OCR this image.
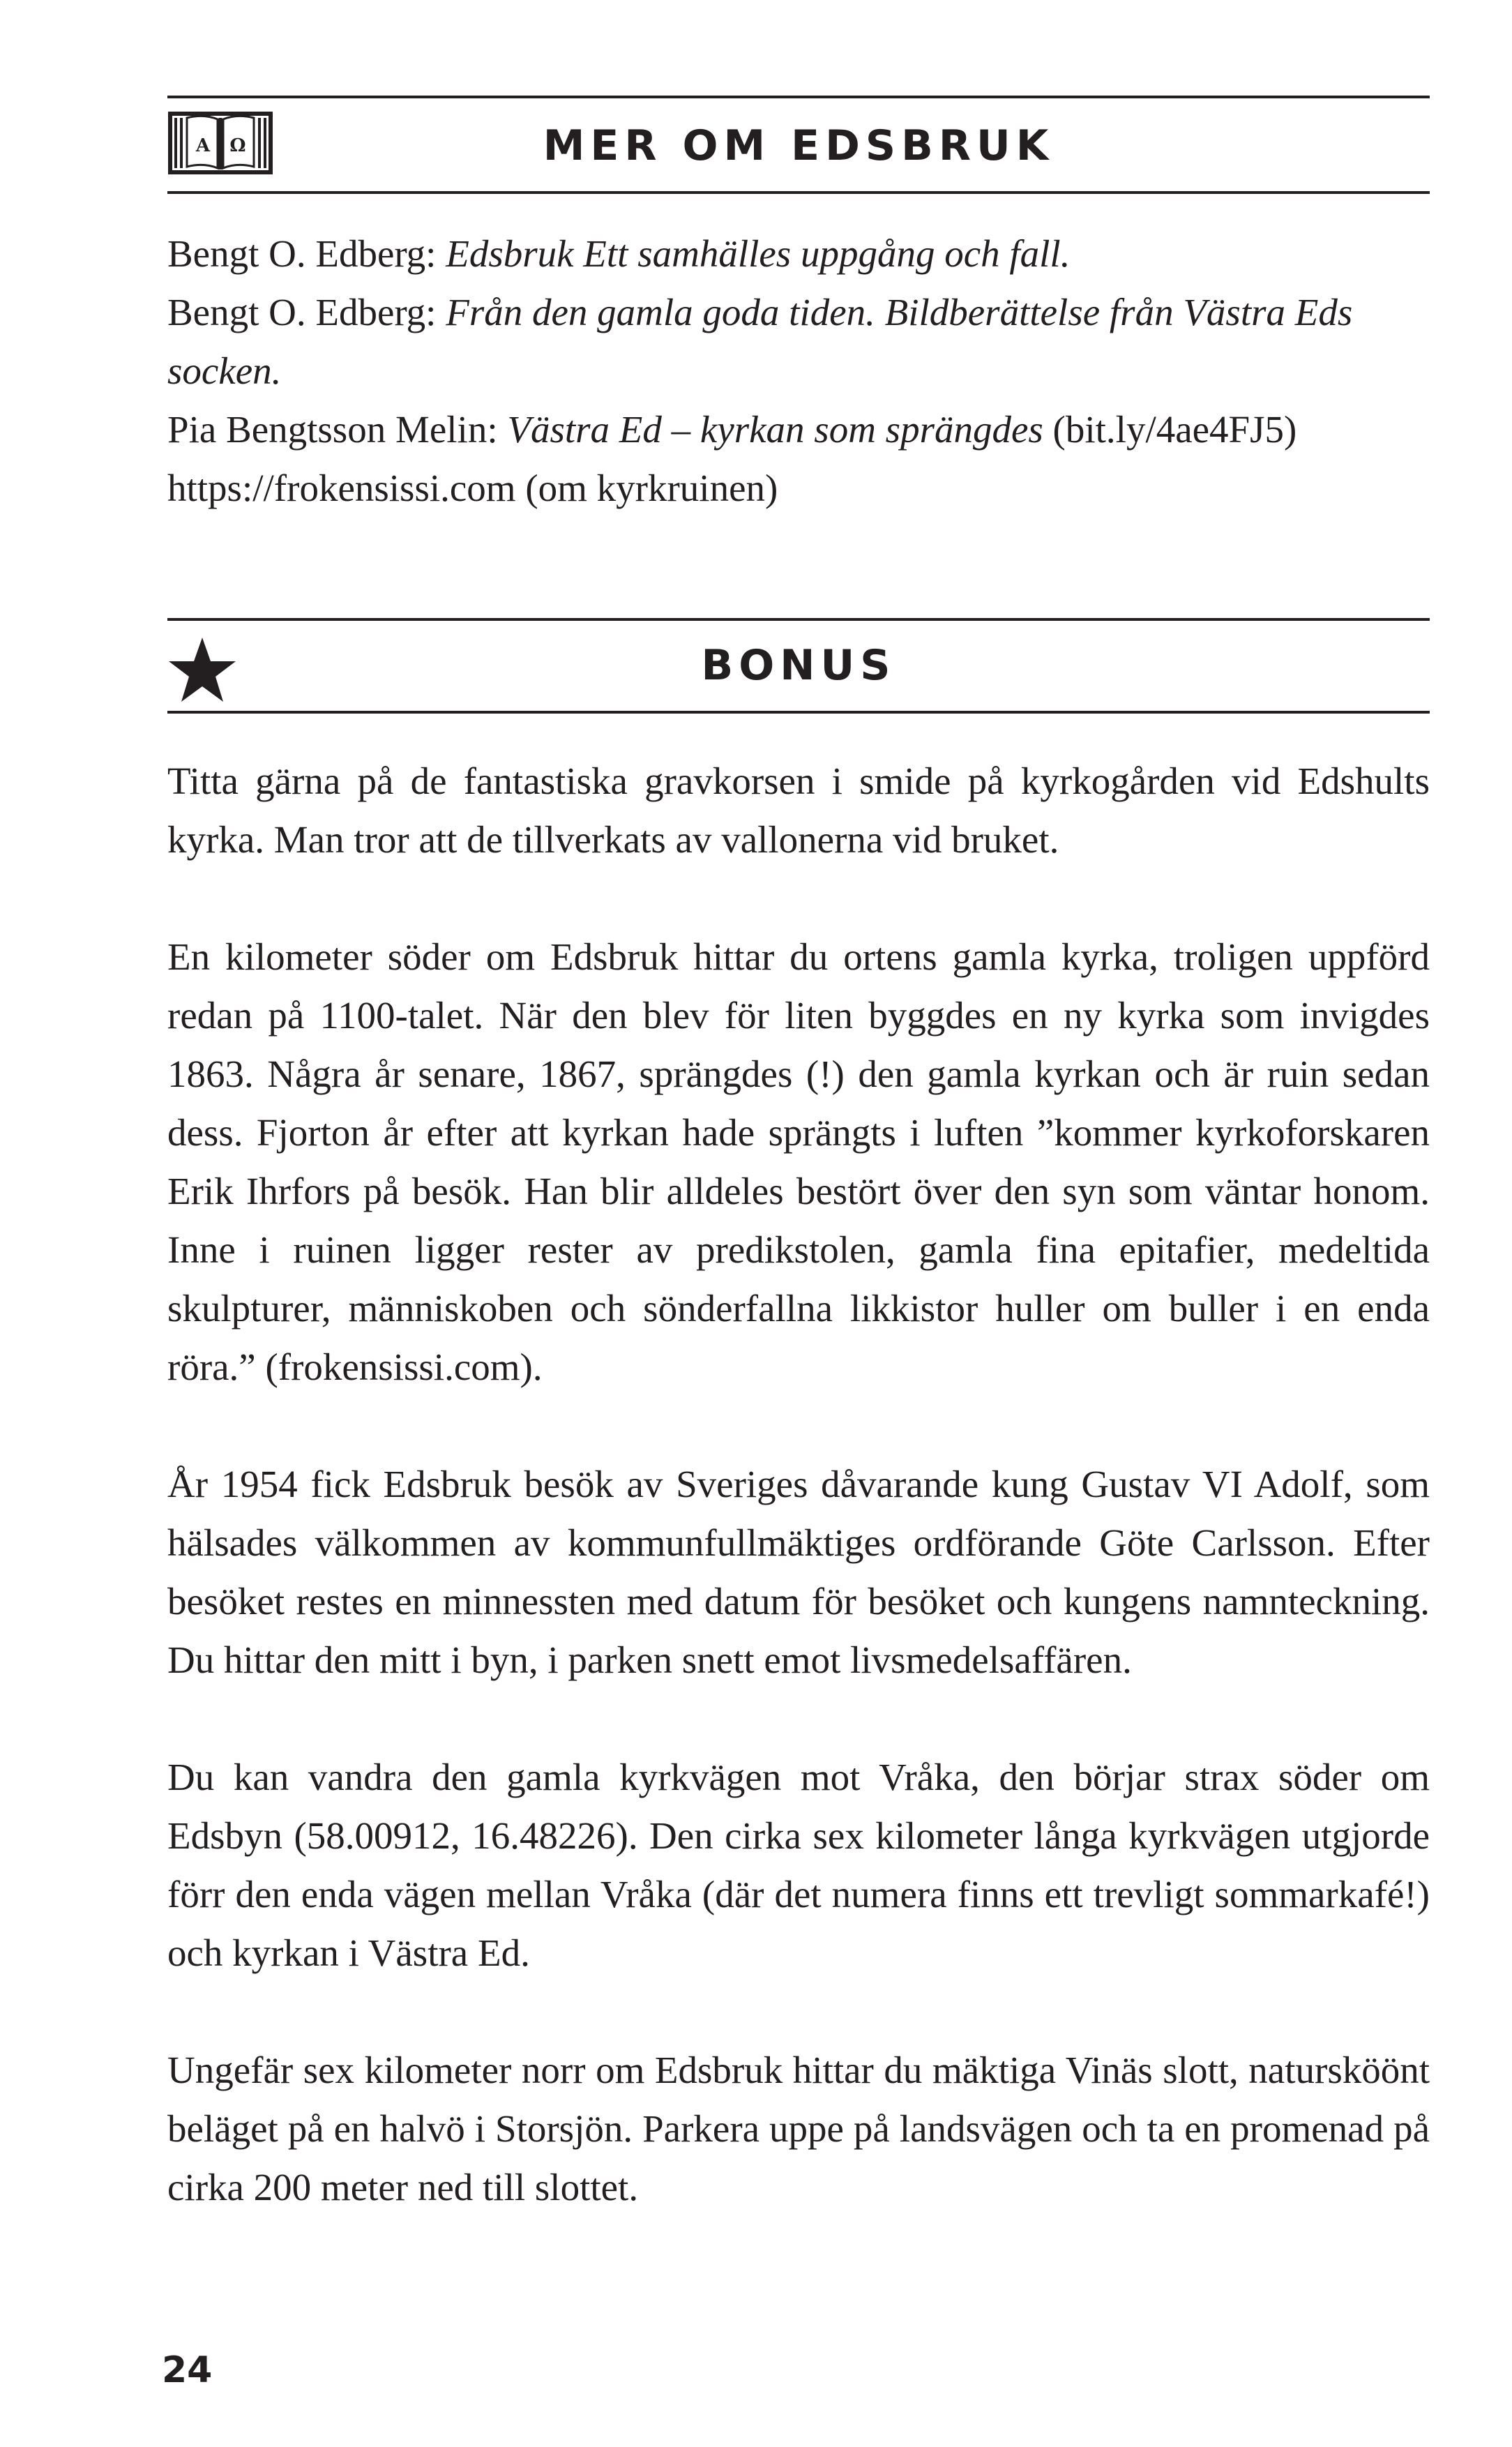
A Ω	MER OM EDSBRUK

Bengt O. Edberg: Edsbruk Ett samhälles uppgång och fall.

Bengt O. Edberg: Från den gamla goda tiden. Bildberättelse från Västra Eds socken.

Pia Bengtsson Melin: Västra Ed – kyrkan som sprängdes (bit.ly/4ae4FJ5)

https://frokensissi.com (om kyrkruinen)

BONUS

Titta gärna på de fantastiska gravkorsen i smide på kyrkogården vid Edshults kyrka. Man tror att de tillverkats av vallonerna vid bruket.

En kilometer söder om Edsbruk hittar du ortens gamla kyrka, troligen uppförd redan på 1100-talet. När den blev för liten byggdes en ny kyrka som invigdes 1863. Några år senare, 1867, sprängdes (!) den gamla kyrkan och är ruin sedan dess. Fjorton år efter att kyrkan hade sprängts i luften ”kommer kyrkoforskaren Erik Ihrfors på besök. Han blir alldeles bestört över den syn som väntar honom. Inne i ruinen ligger rester av predikstolen, gamla fina epitafier, medeltida skulpturer, människoben och sönderfallna likkistor huller om buller i en enda röra.” (frokensissi.com).

År 1954 fick Edsbruk besök av Sveriges dåvarande kung Gustav VI Adolf, som hälsades välkommen av kommunfullmäktiges ordförande Göte Carlsson. Efter besöket restes en minnessten med datum för besöket och kungens namnteckning. Du hittar den mitt i byn, i parken snett emot livsmedelsaffären.

Du kan vandra den gamla kyrkvägen mot Vråka, den börjar strax söder om Edsbyn (58.00912, 16.48226). Den cirka sex kilometer långa kyrkvägen utgjorde förr den enda vägen mellan Vråka (där det numera finns ett trevligt sommarkafé!) och kyrkan i Västra Ed.

Ungefär sex kilometer norr om Edsbruk hittar du mäktiga Vinäs slott, natursköönt beläget på en halvö i Storsjön. Parkera uppe på landsvägen och ta en promenad på cirka 200 meter ned till slottet.

24
